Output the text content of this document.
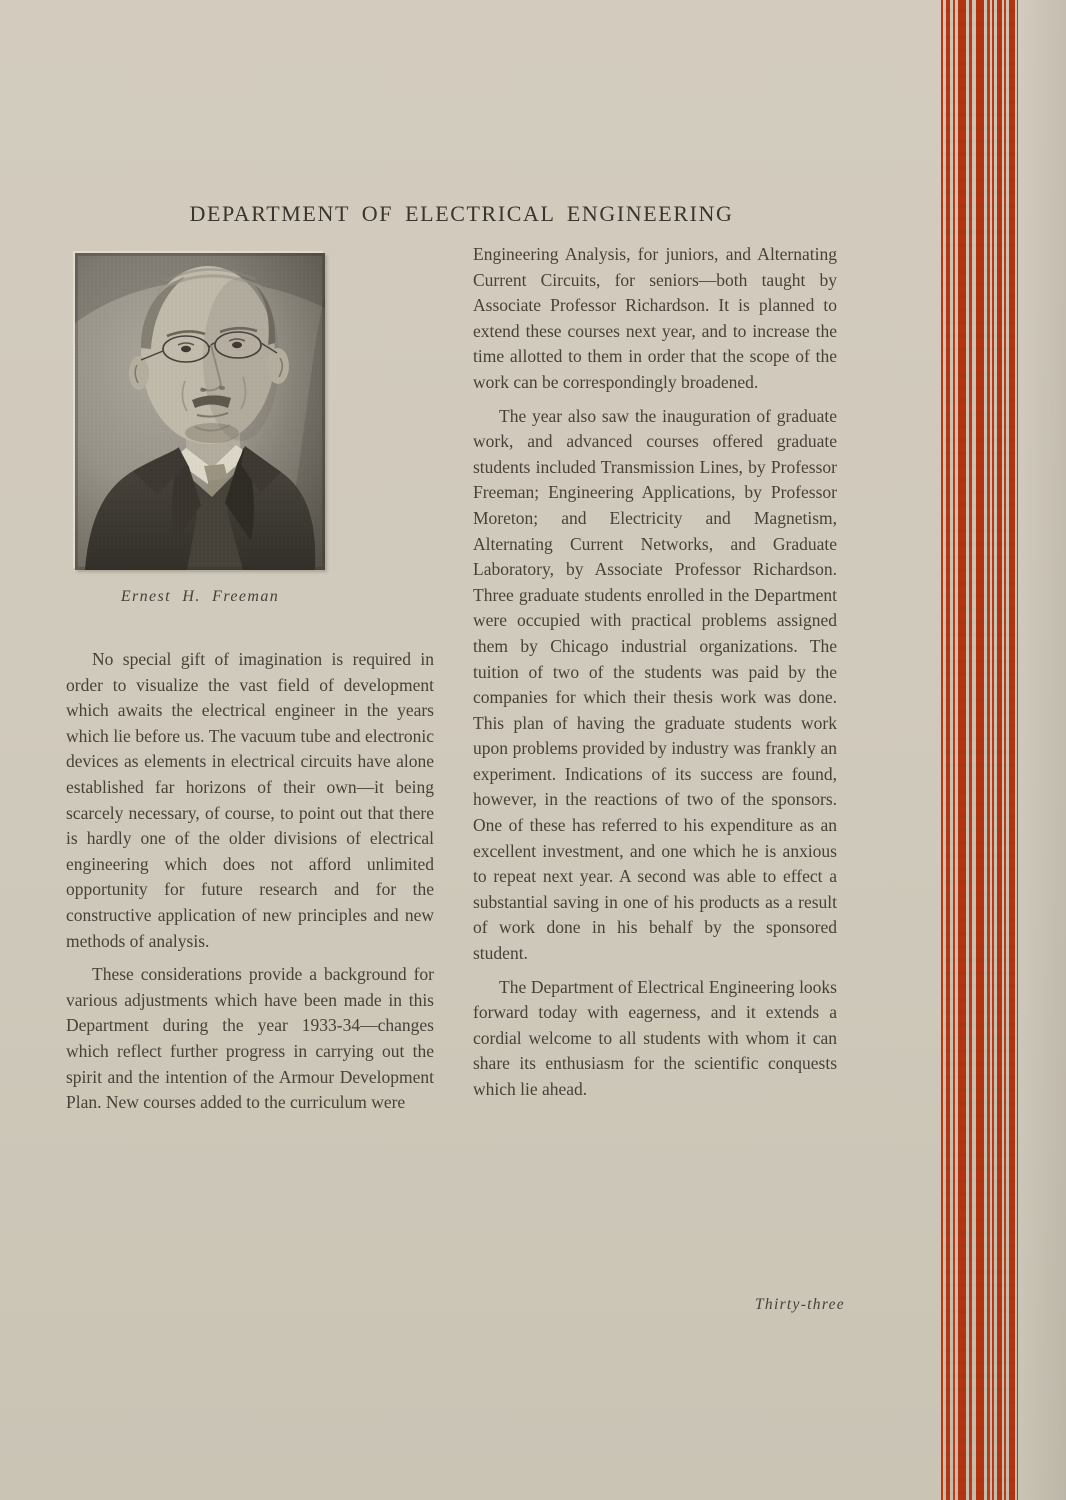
DEPARTMENT OF ELECTRICAL ENGINEERING
Ernest H. Freeman

No special gift of imagination is required in order to visualize the vast field of development which awaits the electrical engineer in the years which lie before us. The vacuum tube and electronic devices as elements in electrical circuits have alone established far horizons of their own—it being scarcely necessary, of course, to point out that there is hardly one of the older divisions of electrical engineering which does not afford unlimited opportunity for future research and for the constructive application of new principles and new methods of analysis.

These considerations provide a background for various adjustments which have been made in this Department during the year 1933-34—changes which reflect further progress in carrying out the spirit and the intention of the Armour Development Plan. New courses added to the curriculum were

Engineering Analysis, for juniors, and Alternating Current Circuits, for seniors—both taught by Associate Professor Richardson. It is planned to extend these courses next year, and to increase the time allotted to them in order that the scope of the work can be correspondingly broadened.

The year also saw the inauguration of graduate work, and advanced courses offered graduate students included Transmission Lines, by Professor Freeman; Engineering Applications, by Professor Moreton; and Electricity and Magnetism, Alternating Current Networks, and Graduate Laboratory, by Associate Professor Richardson. Three graduate students enrolled in the Department were occupied with practical problems assigned them by Chicago industrial organizations. The tuition of two of the students was paid by the companies for which their thesis work was done. This plan of having the graduate students work upon problems provided by industry was frankly an experiment. Indications of its success are found, however, in the reactions of two of the sponsors. One of these has referred to his expenditure as an excellent investment, and one which he is anxious to repeat next year. A second was able to effect a substantial saving in one of his products as a result of work done in his behalf by the sponsored student.

The Department of Electrical Engineering looks forward today with eagerness, and it extends a cordial welcome to all students with whom it can share its enthusiasm for the scientific conquests which lie ahead.

Thirty-three
